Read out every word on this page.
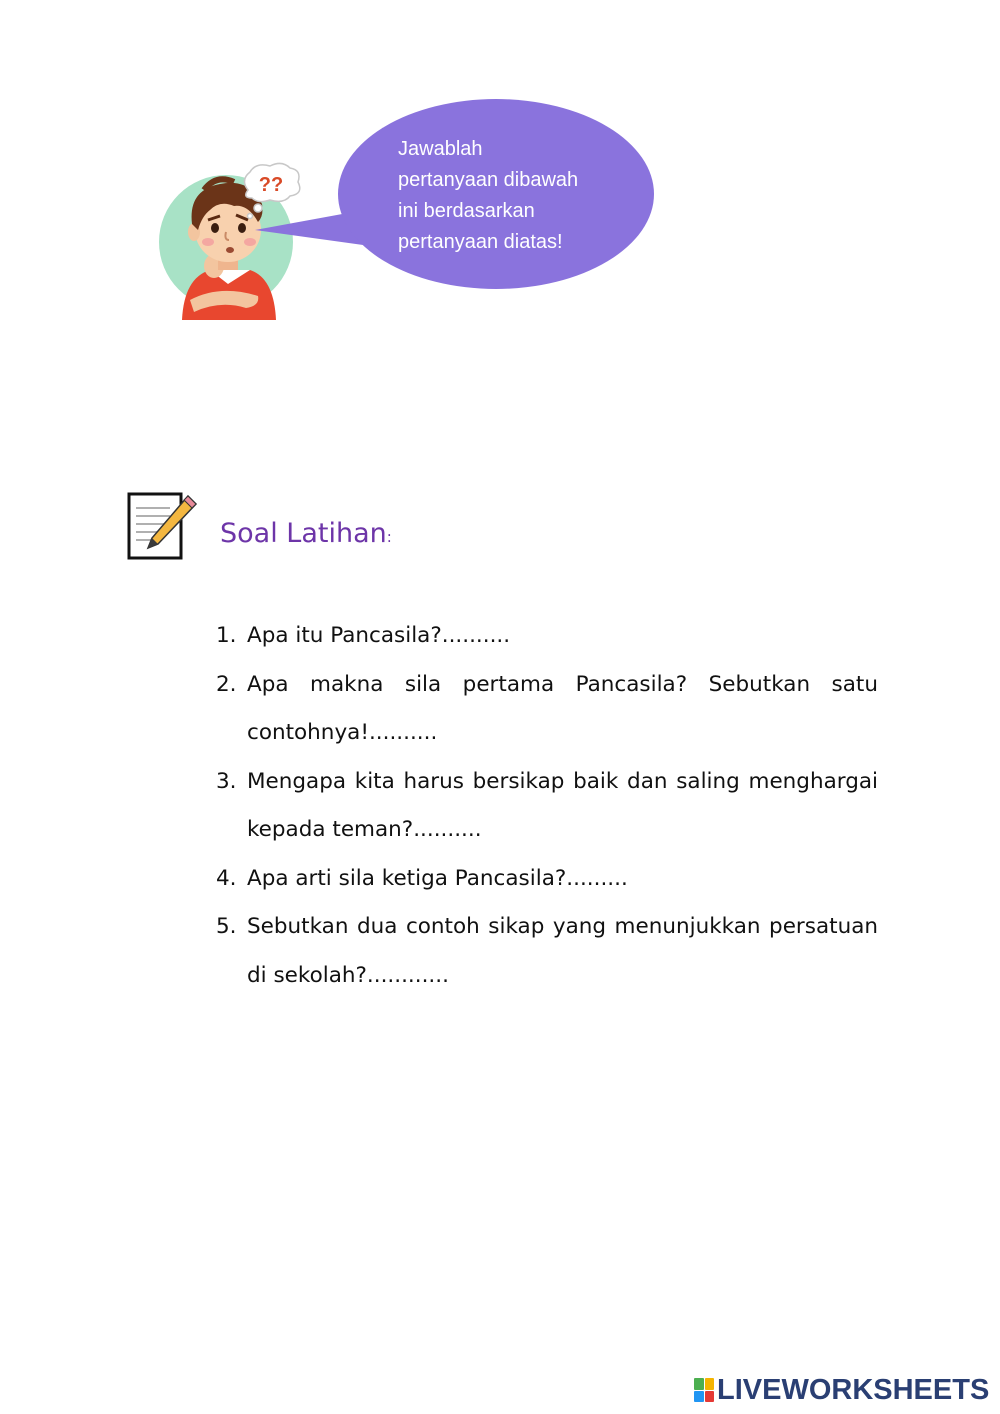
??
Jawablah
pertanyaan dibawah
ini berdasarkan
pertanyaan diatas!
Soal Latihan:
1. Apa itu Pancasila?..........
2. Apa makna sila pertama Pancasila? Sebutkan satu contohnya!..........
3. Mengapa kita harus bersikap baik dan saling menghargai kepada teman?..........
4. Apa arti sila ketiga Pancasila?.........
5. Sebutkan dua contoh sikap yang menunjukkan persatuan di sekolah?............
LIVEWORKSHEETS
